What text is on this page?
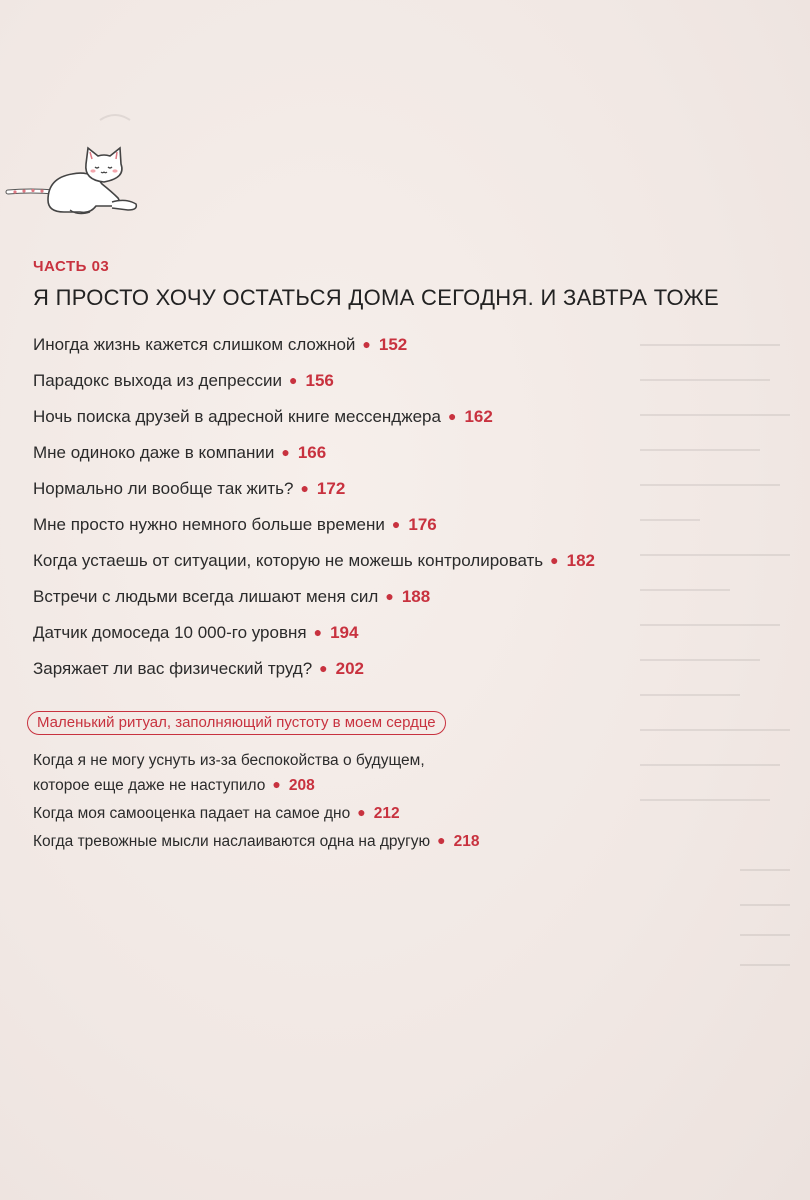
ЧАСТЬ 03
Я ПРОСТО ХОЧУ ОСТАТЬСЯ ДОМА СЕГОДНЯ. И ЗАВТРА ТОЖЕ
Иногда жизнь кажется слишком сложной ● 152
Парадокс выхода из депрессии ● 156
Ночь поиска друзей в адресной книге мессенджера ● 162
Мне одиноко даже в компании ● 166
Нормально ли вообще так жить? ● 172
Мне просто нужно немного больше времени ● 176
Когда устаешь от ситуации, которую не можешь контролировать ● 182
Встречи с людьми всегда лишают меня сил ● 188
Датчик домоседа 10 000-го уровня ● 194
Заряжает ли вас физический труд? ● 202
Маленький ритуал, заполняющий пустоту в моем сердце
Когда я не могу уснуть из-за беспокойства о будущем,
которое еще даже не наступило ● 208
Когда моя самооценка падает на самое дно ● 212
Когда тревожные мысли наслаиваются одна на другую ● 218
